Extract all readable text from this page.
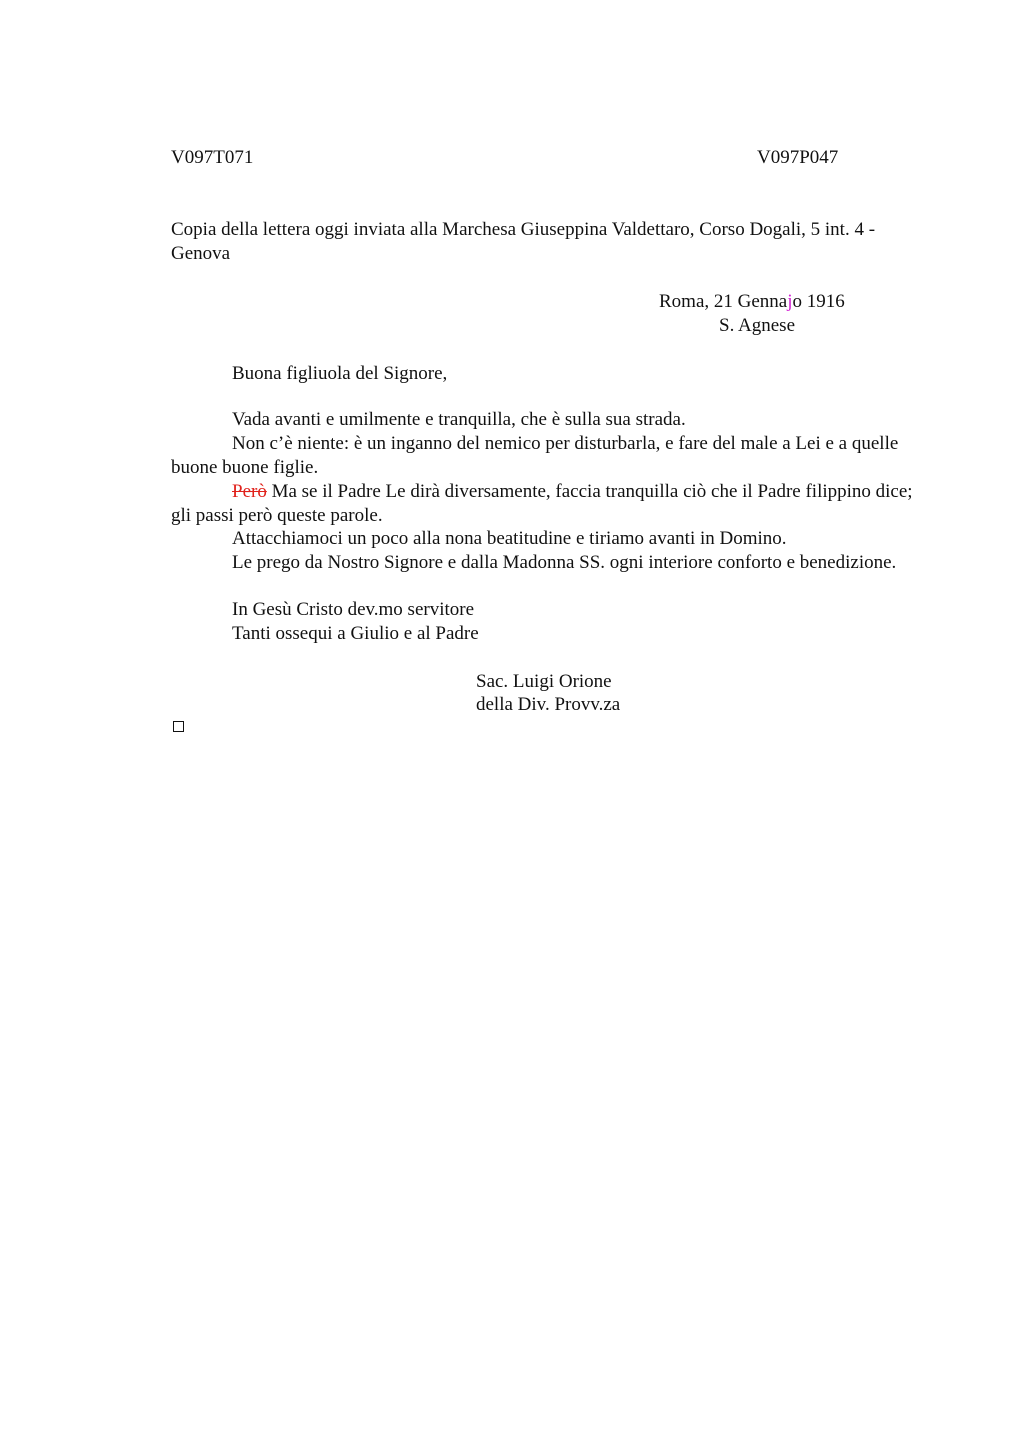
V097T071	V097P047
Copia della lettera oggi inviata alla Marchesa Giuseppina Valdettaro, Corso Dogali, 5 int. 4 - Genova
Roma, 21 Gennajo 1916
S. Agnese
Buona figliuola del Signore,
Vada avanti e umilmente e tranquilla, che è sulla sua strada.
Non c’è niente: è un inganno del nemico per disturbarla, e fare del male a Lei e a quelle buone buone figlie.
Però Ma se il Padre Le dirà diversamente, faccia tranquilla ciò che il Padre filippino dice; gli passi però queste parole.
Attacchiamoci un poco alla nona beatitudine e tiriamo avanti in Domino.
Le prego da Nostro Signore e dalla Madonna SS. ogni interiore conforto e benedizione.
In Gesù Cristo dev.mo servitore
Tanti ossequi a Giulio e al Padre
Sac. Luigi Orione
della Div. Provv.za
